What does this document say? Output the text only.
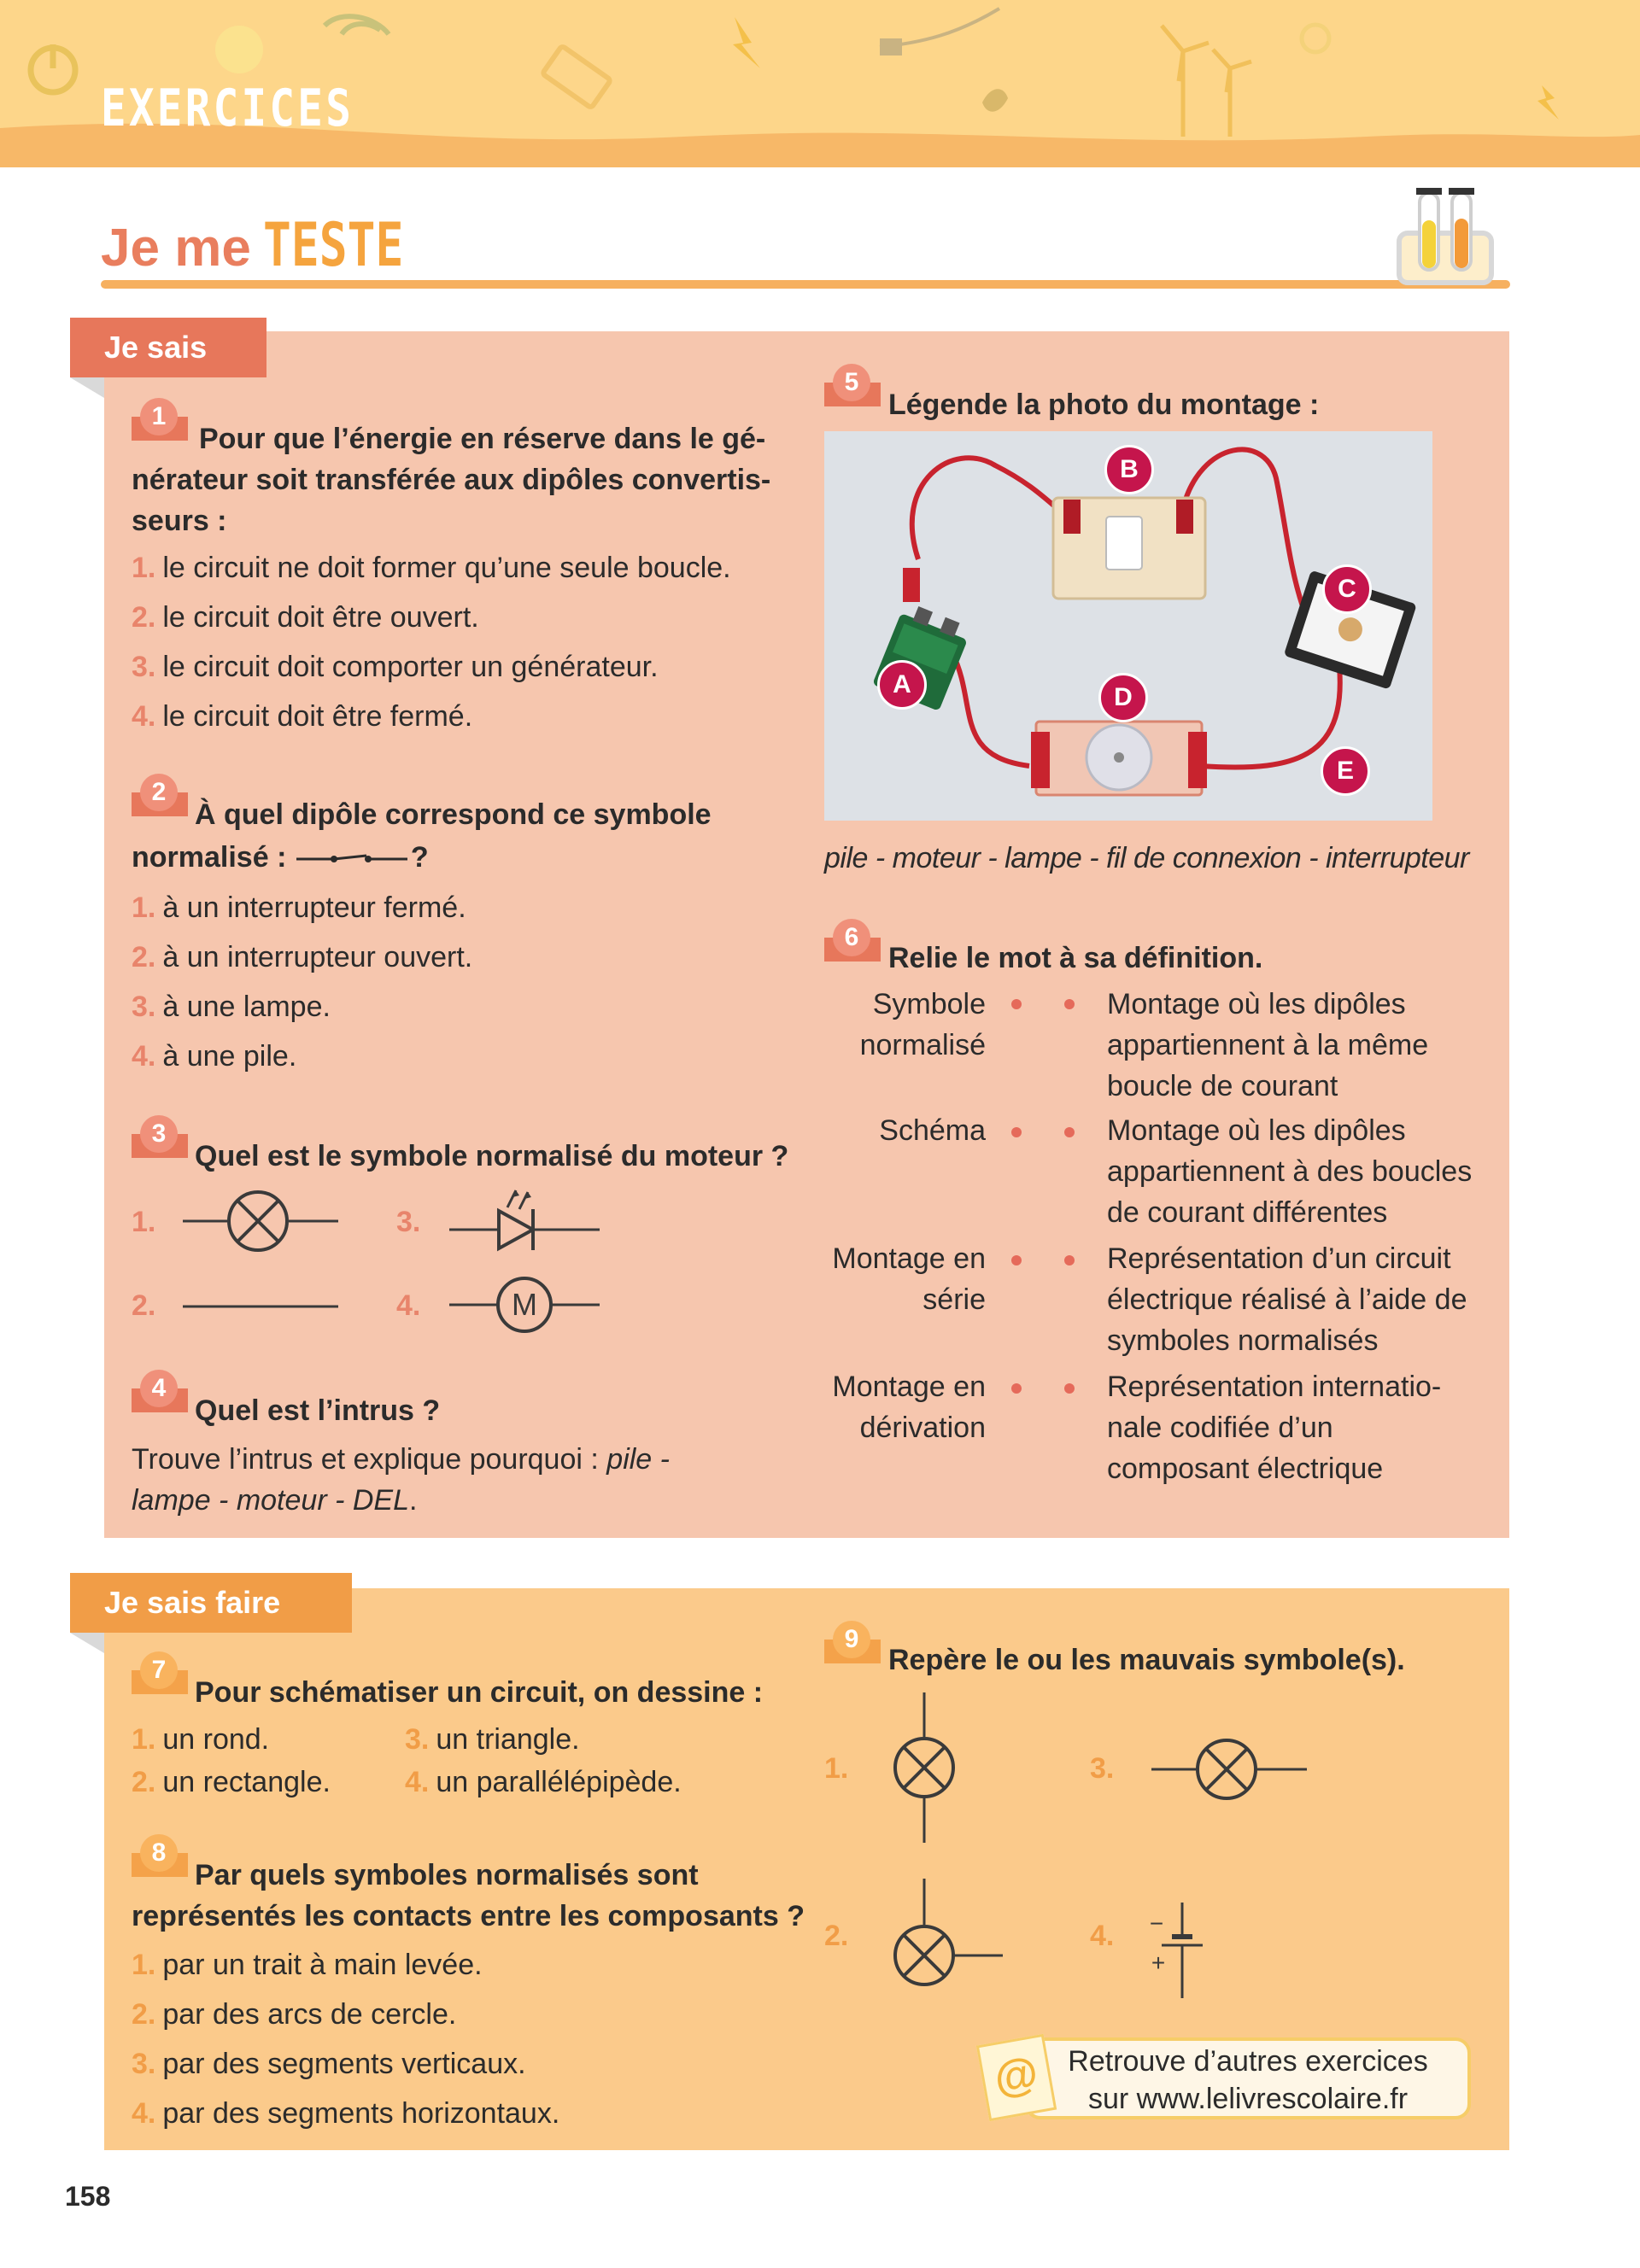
EXERCICES
Je me TESTE
Je sais
1
Pour que l’énergie en réserve dans le gé-
nérateur soit transférée aux dipôles convertis-
seurs :
1. le circuit ne doit former qu’une seule boucle.
2. le circuit doit être ouvert.
3. le circuit doit comporter un générateur.
4. le circuit doit être fermé.
2
À quel dipôle correspond ce symbole
normalisé :	?
1. à un interrupteur fermé.
2. à un interrupteur ouvert.
3. à une lampe.
4. à une pile.
3
Quel est le symbole normalisé du moteur ?
1.
2.
3.
4.	M
4
Quel est l’intrus ?
Trouve l’intrus et explique pourquoi : pile -
lampe - moteur - DEL.
5
Légende la photo du montage :
A
B
C
D
E
pile - moteur - lampe - fil de connexion - interrupteur
6
Relie le mot à sa définition.
Symbole
normalisé
Schéma
Montage en
série
Montage en
dérivation
Montage où les dipôles
appartiennent à la même
boucle de courant
Montage où les dipôles
appartiennent à des boucles
de courant différentes
Représentation d’un circuit
électrique réalisé à l’aide de
symboles normalisés
Représentation internatio-
nale codifiée d’un
composant électrique
Je sais faire
7
Pour schématiser un circuit, on dessine :
1. un rond.
2. un rectangle.
3. un triangle.
4. un parallélépipède.
8
Par quels symboles normalisés sont
représentés les contacts entre les composants ?
1. par un trait à main levée.
2. par des arcs de cercle.
3. par des segments verticaux.
4. par des segments horizontaux.
9
Repère le ou les mauvais symbole(s).
1.
2.
3.
4. −
+
Retrouve d’autres exercices
sur www.lelivrescolaire.fr
@
158
